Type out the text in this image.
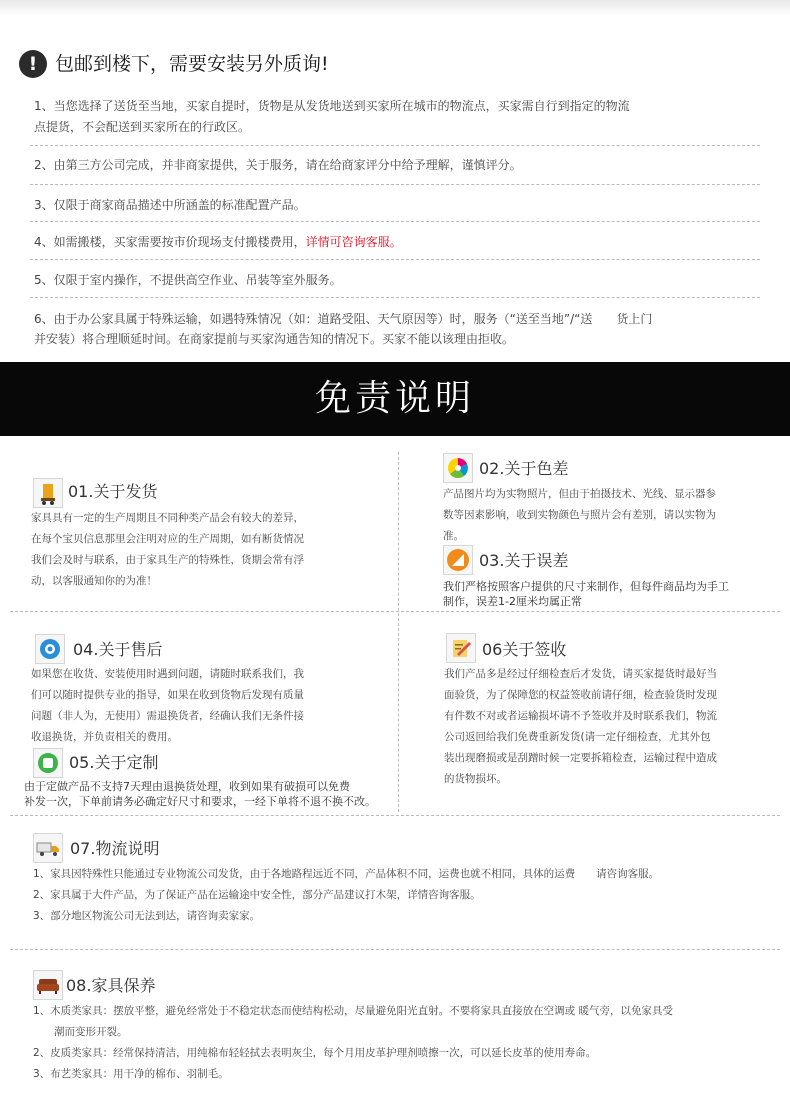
! 包邮到楼下，需要安装另外质询!
1、当您选择了送货至当地，买家自提时，货物是从发货地送到买家所在城市的物流点，买家需自行到指定的物流
点提货，不会配送到买家所在的行政区。
2、由第三方公司完成，并非商家提供，关于服务，请在给商家评分中给予理解，谨慎评分。
3、仅限于商家商品描述中所涵盖的标准配置产品。
4、如需搬楼，买家需要按市价现场支付搬楼费用，详情可咨询客服。
5、仅限于室内操作，不提供高空作业、吊装等室外服务。
6、由于办公家具属于特殊运输，如遇特殊情况（如：道路受阻、天气原因等）时，服务（“送至当地”/“送　　货上门
并安装）将合理顺延时间。在商家提前与买家沟通告知的情况下。买家不能以该理由拒收。
免责说明
01.关于发货
家具具有一定的生产周期且不同种类产品会有较大的差异，
在每个宝贝信息那里会注明对应的生产周期，如有断货情况
我们会及时与联系，由于家具生产的特殊性，货期会常有浮
动，以客服通知你的为准！
02.关于色差
产品图片均为实物照片，但由于拍摄技术、光线、显示器参
数等因素影响，收到实物颜色与照片会有差别，请以实物为
准。
03.关于误差
我们严格按照客户提供的尺寸来制作，但每件商品均为手工
制作，误差1-2厘米均属正常
04.关于售后
如果您在收货、安装使用时遇到问题，请随时联系我们，我
们可以随时提供专业的指导，如果在收到货物后发现有质量
问题（非人为，无使用）需退换货者，经确认我们无条件接
收退换货，并负责相关的费用。
05.关于定制
由于定做产品不支持7天理由退换货处理，收到如果有破损可以免费
补发一次，下单前请务必确定好尺寸和要求，一经下单将不退不换不改。
06关于签收
我们产品多是经过仔细检查后才发货，请买家提货时最好当
面验货，为了保障您的权益签收前请仔细，检查验货时发现
有件数不对或者运输损坏请不予签收并及时联系我们，物流
公司返回给我们免费重新发货(请一定仔细检查，尤其外包
装出现磨损或是刮蹭时候一定要拆箱检查，运输过程中造成
的货物损坏。
07.物流说明
1、家具因特殊性只能通过专业物流公司发货，由于各地路程远近不同，产品体积不同，运费也就不相同，具体的运费　　请咨询客服。
2、家具属于大件产品，为了保证产品在运输途中安全性，部分产品建议打木架，详情咨询客服。
3、部分地区物流公司无法到达，请咨询卖家家。
08.家具保养
1、木质类家具：摆放平整，避免经常处于不稳定状态而使结构松动，尽量避免阳光直射。不要将家具直接放在空调或 暖气旁，以免家具受
　　潮而变形开裂。
2、皮质类家具：经常保持清洁，用纯棉布轻轻拭去表明灰尘，每个月用皮革护理剂喷擦一次，可以延长皮革的使用寿命。
3、布艺类家具：用干净的棉布、羽制毛。
